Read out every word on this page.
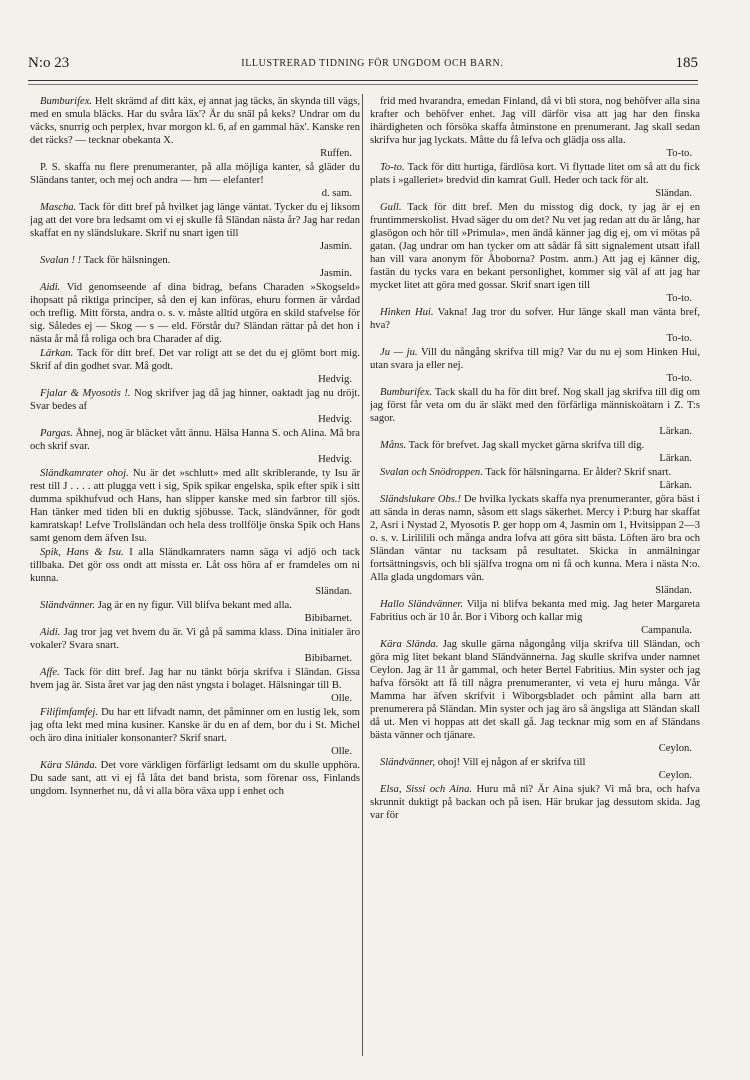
N:o 23	ILLUSTRERAD TIDNING FÖR UNGDOM OCH BARN.	185

Bumburifex. Helt skrämd af ditt käx, ej annat jag täcks, än skynda till vägs, med en smula bläcks. Har du svåra läx'? Är du snäl på keks? Undrar om du väcks, snurrig och perplex, hvar morgon kl. 6, af en gammal häx'. Kanske ren det räcks? — tecknar obekanta X.
Ruffen.

P. S. skaffa nu flere prenumeranter, på alla möjliga kanter, så gläder du Sländans tanter, och mej och andra — hm — elefanter!
d. sam.

Mascha. Tack för ditt bref på hvilket jag länge väntat. Tycker du ej liksom jag att det vore bra ledsamt om vi ej skulle få Sländan nästa år? Jag har redan skaffat en ny sländslukare. Skrif nu snart igen till
Jasmin.

Svalan ! ! Tack för hälsningen.
Jasmin.

Aidi. Vid genomseende af dina bidrag, befans Charaden »Skogseld» ihopsatt på riktiga principer, så den ej kan införas, ehuru formen är vårdad och treflig. Mitt första, andra o. s. v. måste alltid utgöra en skild stafvelse för sig. Således ej — Skog — s — eld. Förstår du? Sländan rättar på det hon i nästa år må få roliga och bra Charader af dig.

Lärkan. Tack för ditt bref. Det var roligt att se det du ej glömt bort mig. Skrif af din godhet svar. Må godt.
Hedvig.

Fjalar & Myosotis !. Nog skrifver jag då jag hinner, oaktadt jag nu dröjt. Svar bedes af
Hedvig.

Pargas. Åhnej, nog är bläcket vått ännu. Hälsa Hanna S. och Alina. Må bra och skrif svar.
Hedvig.

Sländkamrater ohoj. Nu är det »schlutt» med allt skriblerande, ty Isu är rest till J . . . . att plugga vett i sig, Spik spikar engelska, spik efter spik i sitt dumma spikhufvud och Hans, han slipper kanske med sin farbror till sjös. Han tänker med tiden bli en duktig sjöbusse. Tack, sländvänner, för godt kamratskap! Lefve Trollsländan och hela dess trollfölje önska Spik och Hans samt genom dem äfven Isu.

Spik, Hans & Isu. I alla Sländkamraters namn säga vi adjö och tack tillbaka. Det gör oss ondt att missta er. Låt oss höra af er framdeles om ni kunna.
Sländan.

Sländvänner. Jag är en ny figur. Vill blifva bekant med alla.
Bibibarnet.

Aidi. Jag tror jag vet hvem du är. Vi gå på samma klass. Dina initialer äro vokaler? Svara snart.
Bibibarnet.

Affe. Tack för ditt bref. Jag har nu tänkt börja skrifva i Sländan. Gissa hvem jag är. Sista året var jag den näst yngsta i bolaget. Hälsningar till B.
Olle.

Filifimfamfej. Du har ett lifvadt namn, det påminner om en lustig lek, som jag ofta lekt med mina kusiner. Kanske är du en af dem, bor du i St. Michel och äro dina initialer konsonanter? Skrif snart.
Olle.

Kära Slända. Det vore värkligen förfärligt ledsamt om du skulle upphöra. Du sade sant, att vi ej få låta det band brista, som förenar oss, Finlands ungdom. Isynnerhet nu, då vi alla böra växa upp i enhet och

frid med hvarandra, emedan Finland, då vi bli stora, nog behöfver alla sina krafter och behöfver enhet. Jag vill därför visa att jag har den finska ihärdigheten och försöka skaffa åtminstone en prenumerant. Jag skall sedan skrifva hur jag lyckats. Måtte du få lefva och glädja oss alla.
To-to.

To-to. Tack för ditt hurtiga, färdlösa kort. Vi flyttade litet om så att du fick plats i »galleriet» bredvid din kamrat Gull. Heder och tack för alt.
Sländan.

Gull. Tack för ditt bref. Men du misstog dig dock, ty jag är ej en fruntimmerskolist. Hvad säger du om det? Nu vet jag redan att du är lång, har glasögon och hör till »Primula», men ändå känner jag dig ej, om vi mötas på gatan. (Jag undrar om han tycker om att sådär få sitt signalement utsatt ifall han vill vara anonym för Åboborna? Postm. anm.) Att jag ej känner dig, fastän du tycks vara en bekant personlighet, kommer sig väl af att jag har mycket litet att göra med gossar. Skrif snart igen till
To-to.

Hinken Hui. Vakna! Jag tror du sofver. Hur länge skall man vänta bref, hva?
To-to.

Ju — ju. Vill du nångång skrifva till mig? Var du nu ej som Hinken Hui, utan svara ja eller nej.
To-to.

Bumburifex. Tack skall du ha för ditt bref. Nog skall jag skrifva till dig om jag först får veta om du är släkt med den förfärliga människoätarn i Z. T:s sagor.
Lärkan.

Måns. Tack för brefvet. Jag skall mycket gärna skrifva till dig.
Lärkan.

Svalan och Snödroppen. Tack för hälsningarna. Er ålder? Skrif snart.
Lärkan.

Sländslukare Obs.! De hvilka lyckats skaffa nya prenumeranter, göra bäst i att sända in deras namn, såsom ett slags säkerhet. Mercy i P:burg har skaffat 2, Asri i Nystad 2, Myosotis P. ger hopp om 4, Jasmin om 1, Hvitsippan 2—3 o. s. v. Lirililili och många andra lofva att göra sitt bästa. Löften äro bra och Sländan väntar nu tacksam på resultatet. Skicka in anmälningar fortsättningsvis, och bli själfva trogna om ni få och kunna. Mera i nästa N:o. Alla glada ungdomars vän.
Sländan.

Hallo Sländvänner. Vilja ni blifva bekanta med mig. Jag heter Margareta Fabritius och är 10 år. Bor i Viborg och kallar mig
Campanula.

Kära Slända. Jag skulle gärna någongång vilja skrifva till Sländan, och göra mig litet bekant bland Sländvännerna. Jag skulle skrifva under namnet Ceylon. Jag är 11 år gammal, och heter Bertel Fabritius. Min syster och jag hafva försökt att få till några prenumeranter, vi veta ej huru många. Vår Mamma har äfven skrifvit i Wiborgsbladet och påmint alla barn att prenumerera på Sländan. Min syster och jag äro så ängsliga att Sländan skall då ut. Men vi hoppas att det skall gå. Jag tecknar mig som en af Sländans bästa vänner och tjänare.
Ceylon.

Sländvänner, ohoj! Vill ej någon af er skrifva till
Ceylon.

Elsa, Sissi och Aina. Huru må ni? Är Aina sjuk? Vi må bra, och hafva skrunnit duktigt på backan och på isen. Här brukar jag dessutom skida. Jag var för
